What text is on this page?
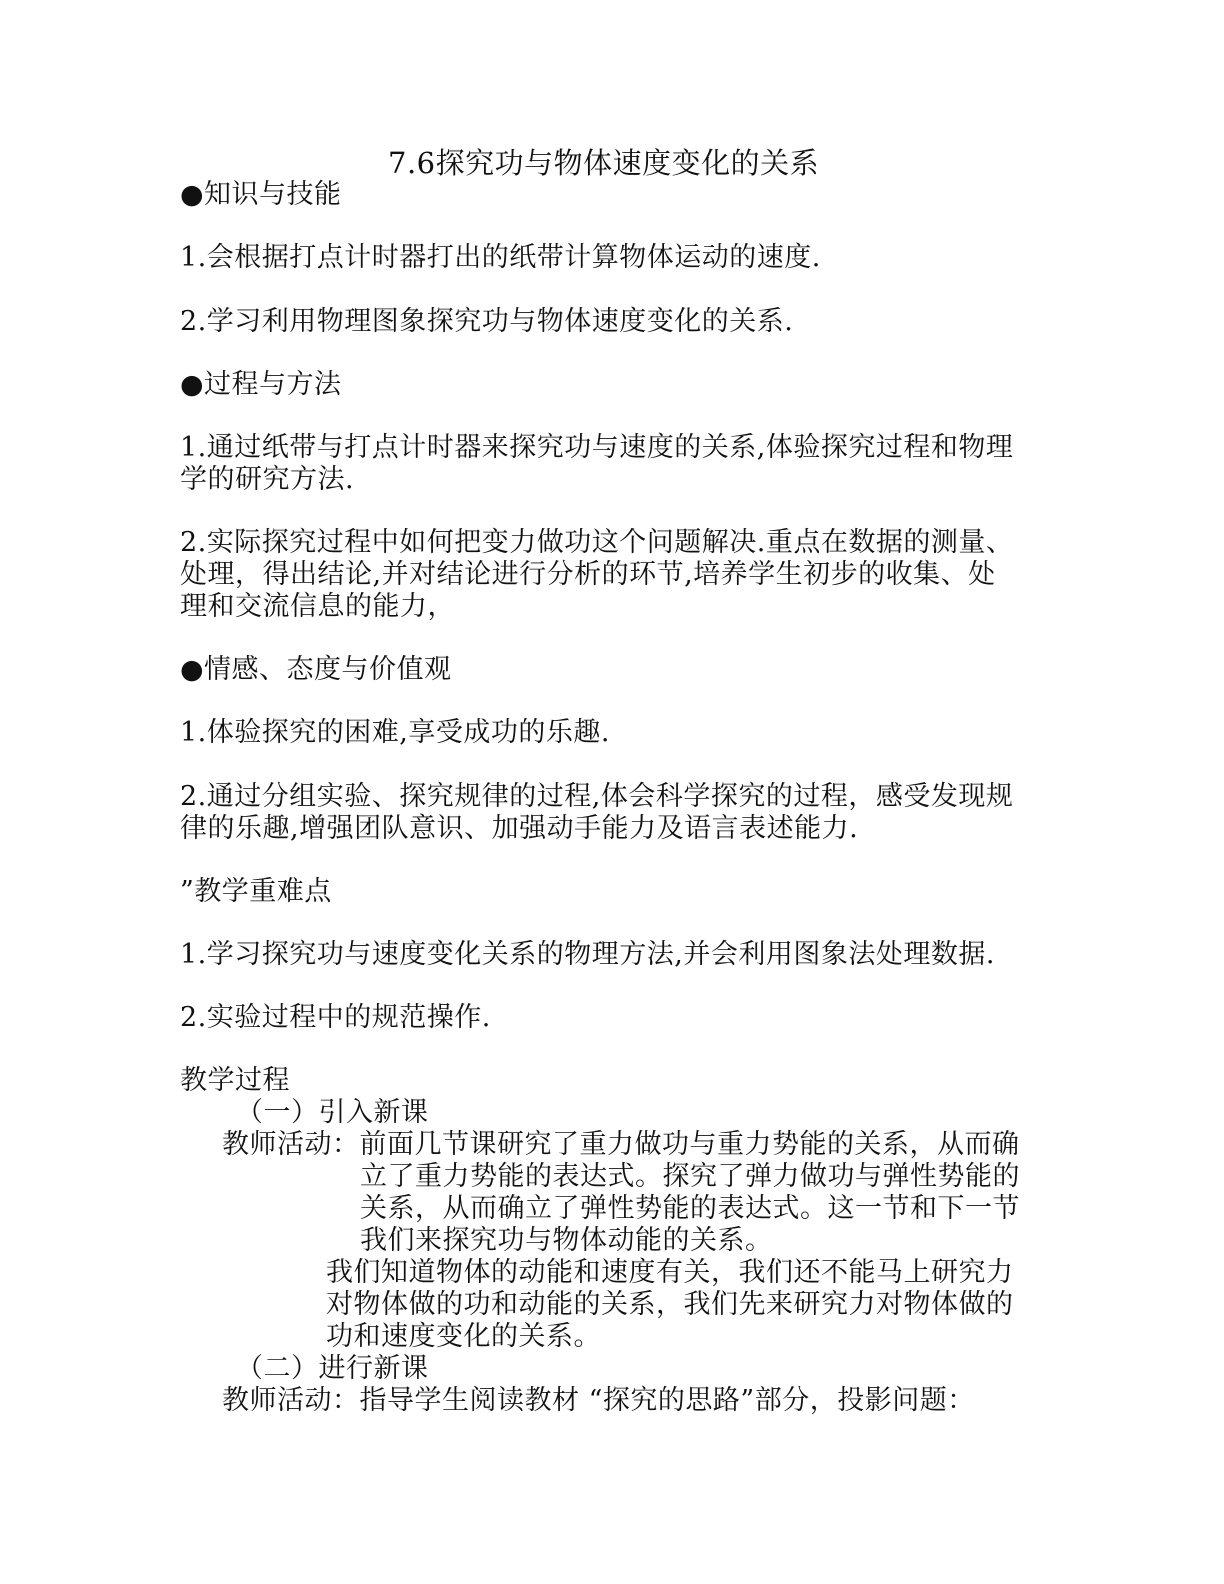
7.6探究功与物体速度变化的关系
●知识与技能
1.会根据打点计时器打出的纸带计算物体运动的速度.
2.学习利用物理图象探究功与物体速度变化的关系.
●过程与方法
1.通过纸带与打点计时器来探究功与速度的关系,体验探究过程和物理
学的研究方法.
2.实际探究过程中如何把变力做功这个问题解决.重点在数据的测量、
处理，得出结论,并对结论进行分析的环节,培养学生初步的收集、处
理和交流信息的能力，
●情感、态度与价值观
1.体验探究的困难,享受成功的乐趣.
2.通过分组实验、探究规律的过程,体会科学探究的过程，感受发现规
律的乐趣,增强团队意识、加强动手能力及语言表述能力.
”教学重难点
1.学习探究功与速度变化关系的物理方法,并会利用图象法处理数据.
2.实验过程中的规范操作.
教学过程
（一）引入新课
教师活动：前面几节课研究了重力做功与重力势能的关系，从而确
立了重力势能的表达式。探究了弹力做功与弹性势能的
关系，从而确立了弹性势能的表达式。这一节和下一节
我们来探究功与物体动能的关系。
我们知道物体的动能和速度有关，我们还不能马上研究力
对物体做的功和动能的关系，我们先来研究力对物体做的
功和速度变化的关系。
（二）进行新课
教师活动：指导学生阅读教材 “探究的思路”部分，投影问题：
